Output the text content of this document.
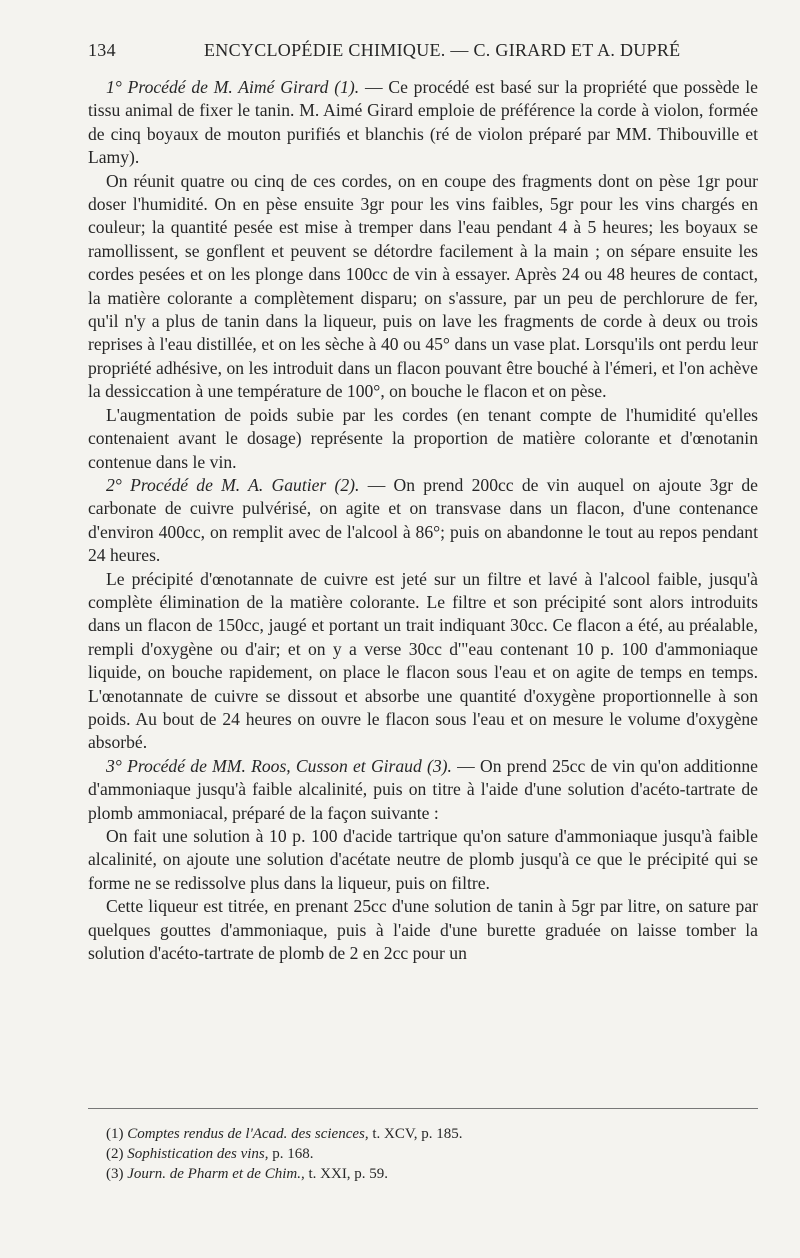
134	ENCYCLOPÉDIE CHIMIQUE. — C. GIRARD ET A. DUPRÉ

1° Procédé de M. Aimé Girard (1). — Ce procédé est basé sur la propriété que possède le tissu animal de fixer le tanin. M. Aimé Girard emploie de préférence la corde à violon, formée de cinq boyaux de mouton purifiés et blanchis (ré de violon préparé par MM. Thibouville et Lamy).

On réunit quatre ou cinq de ces cordes, on en coupe des fragments dont on pèse 1gr pour doser l'humidité. On en pèse ensuite 3gr pour les vins faibles, 5gr pour les vins chargés en couleur; la quantité pesée est mise à tremper dans l'eau pendant 4 à 5 heures; les boyaux se ramollissent, se gonflent et peuvent se détordre facilement à la main ; on sépare ensuite les cordes pesées et on les plonge dans 100cc de vin à essayer. Après 24 ou 48 heures de contact, la matière colorante a complètement disparu; on s'assure, par un peu de perchlorure de fer, qu'il n'y a plus de tanin dans la liqueur, puis on lave les fragments de corde à deux ou trois reprises à l'eau distillée, et on les sèche à 40 ou 45° dans un vase plat. Lorsqu'ils ont perdu leur propriété adhésive, on les introduit dans un flacon pouvant être bouché à l'émeri, et l'on achève la dessiccation à une température de 100°, on bouche le flacon et on pèse.

L'augmentation de poids subie par les cordes (en tenant compte de l'humidité qu'elles contenaient avant le dosage) représente la proportion de matière colorante et d'œnotanin contenue dans le vin.

2° Procédé de M. A. Gautier (2). — On prend 200cc de vin auquel on ajoute 3gr de carbonate de cuivre pulvérisé, on agite et on transvase dans un flacon, d'une contenance d'environ 400cc, on remplit avec de l'alcool à 86°; puis on abandonne le tout au repos pendant 24 heures.

Le précipité d'œnotannate de cuivre est jeté sur un filtre et lavé à l'alcool faible, jusqu'à complète élimination de la matière colorante. Le filtre et son précipité sont alors introduits dans un flacon de 150cc, jaugé et portant un trait indiquant 30cc. Ce flacon a été, au préalable, rempli d'oxygène ou d'air; et on y a verse 30cc d'"eau contenant 10 p. 100 d'ammoniaque liquide, on bouche rapidement, on place le flacon sous l'eau et on agite de temps en temps. L'œnotannate de cuivre se dissout et absorbe une quantité d'oxygène proportionnelle à son poids. Au bout de 24 heures on ouvre le flacon sous l'eau et on mesure le volume d'oxygène absorbé.

3° Procédé de MM. Roos, Cusson et Giraud (3). — On prend 25cc de vin qu'on additionne d'ammoniaque jusqu'à faible alcalinité, puis on titre à l'aide d'une solution d'acéto-tartrate de plomb ammoniacal, préparé de la façon suivante :

On fait une solution à 10 p. 100 d'acide tartrique qu'on sature d'ammoniaque jusqu'à faible alcalinité, on ajoute une solution d'acétate neutre de plomb jusqu'à ce que le précipité qui se forme ne se redissolve plus dans la liqueur, puis on filtre.

Cette liqueur est titrée, en prenant 25cc d'une solution de tanin à 5gr par litre, on sature par quelques gouttes d'ammoniaque, puis à l'aide d'une burette graduée on laisse tomber la solution d'acéto-tartrate de plomb de 2 en 2cc pour un

(1) Comptes rendus de l'Acad. des sciences, t. XCV, p. 185.
(2) Sophistication des vins, p. 168.
(3) Journ. de Pharm et de Chim., t. XXI, p. 59.
